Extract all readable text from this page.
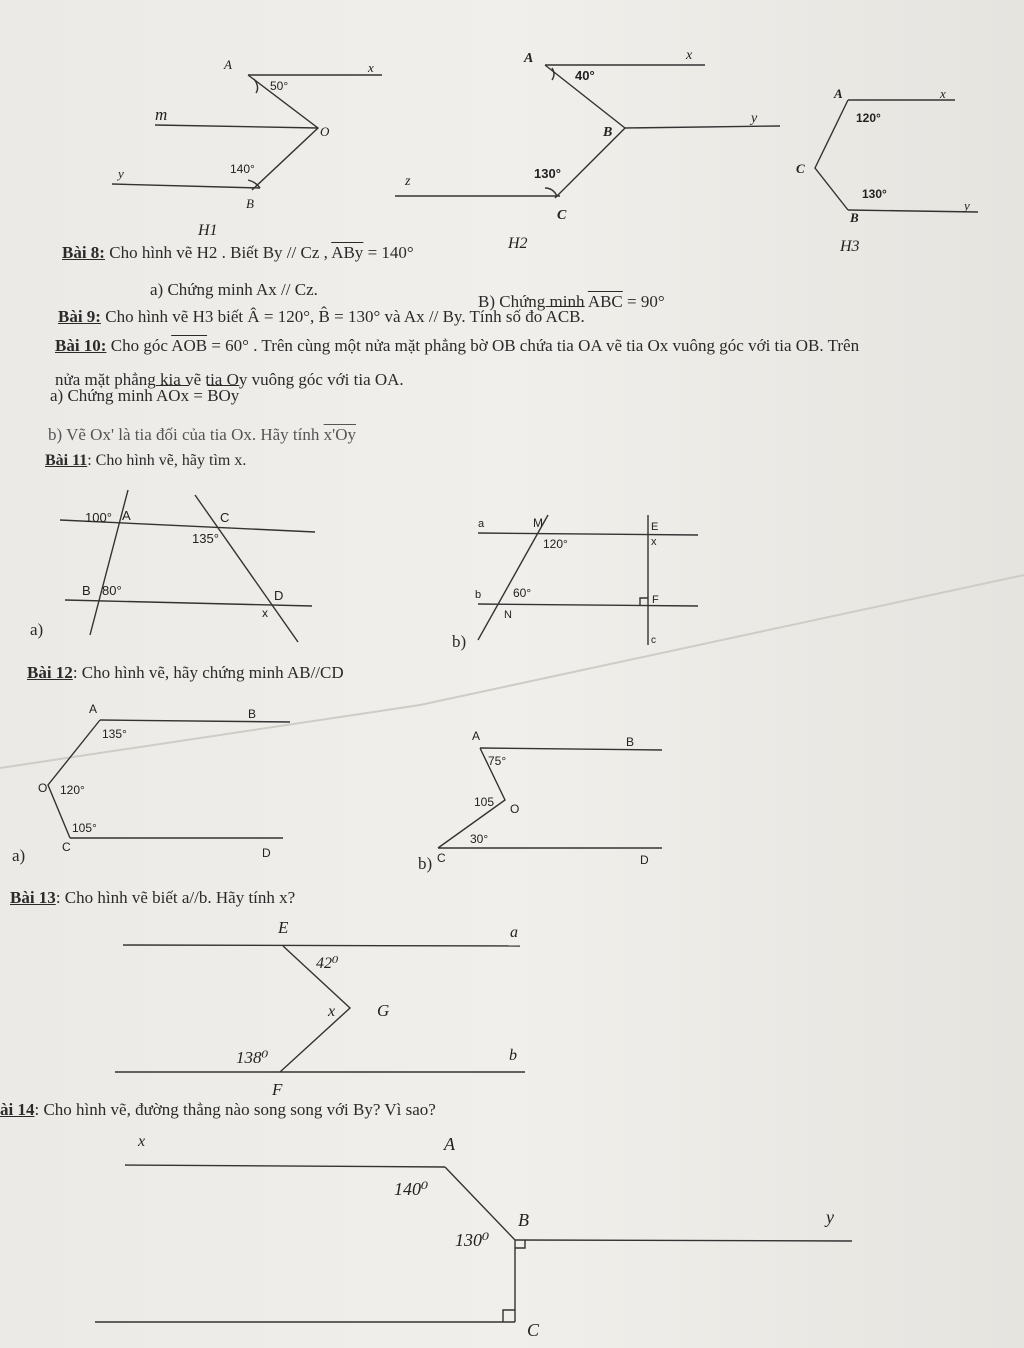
A	x
50°
m
O
y	140°
B
H1
A	x
40°
B
y
z
130°
C
H2
A	x
120°
C
130°
B
y
H3
100° A	C
135°
B 80°	D
x
a	M	E
120°	x
b	60°
N
F
c
A	B
135°
O 120°
105°
C	D
A	B
75°
105 O
30°
C	D
E	a
42⁰
x G
138⁰	b
F
x	A
140⁰
B	y
130⁰
C
Bài 8: Cho hình vẽ H2 . Biết By // Cz , $\overline{ABy} = 140^\circ$
a) Chứng minh Ax // Cz.
B) Chứng minh $\overline{ABC} = 90^\circ$
Bài 9: Cho hình vẽ H3 biết Â = 120°, B̂ = 130° và Ax // By. Tính số đo ACB.
Bài 10: Cho góc $\overline{AOB} = 60^\circ$ . Trên cùng một nửa mặt phẳng bờ OB chứa tia OA vẽ tia Ox vuông góc với tia OB. Trên
nửa mặt phẳng kia vẽ tia Oy vuông góc với tia OA.
a) Chứng minh $\overline{AOx} = \overline{BOy}$
b) Vẽ Ox' là tia đối của tia Ox. Hãy tính x'Oy
Bài 11: Cho hình vẽ, hãy tìm x.
a)
b)
Bài 12: Cho hình vẽ, hãy chứng minh AB//CD
a)	b)
Bài 13: Cho hình vẽ biết a//b. Hãy tính x?
ài 14: Cho hình vẽ, đường thẳng nào song song với By? Vì sao?
